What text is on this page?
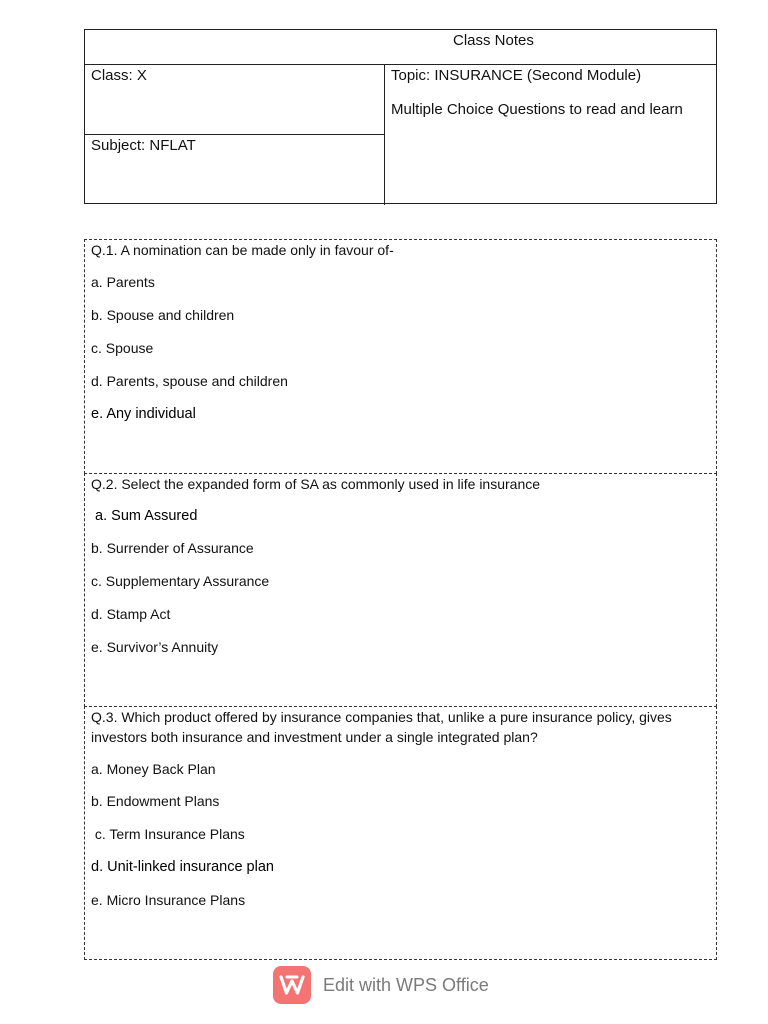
Class Notes
Class: X
Subject: NFLAT
Topic: INSURANCE (Second Module)
Multiple Choice Questions to read and learn
Q.1. A nomination can be made only in favour of-
a. Parents
b. Spouse and children
c. Spouse
d. Parents, spouse and children
e. Any individual
Q.2. Select the expanded form of SA as commonly used in life insurance
a. Sum Assured
b. Surrender of Assurance
c. Supplementary Assurance
d. Stamp Act
e. Survivor’s Annuity
Q.3. Which product offered by insurance companies that, unlike a pure insurance policy, gives investors both insurance and investment under a single integrated plan?
a. Money Back Plan
b. Endowment Plans
c. Term Insurance Plans
d. Unit-linked insurance plan
e. Micro Insurance Plans
Edit with WPS Office
